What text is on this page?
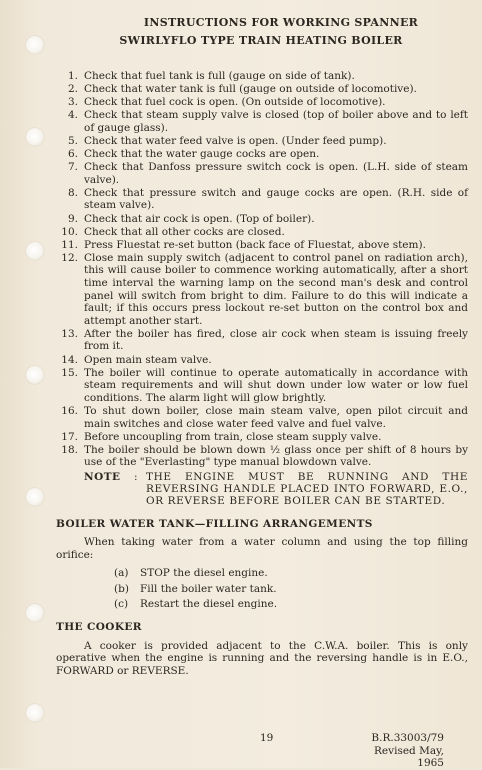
INSTRUCTIONS FOR WORKING SPANNER
SWIRLYFLO TYPE TRAIN HEATING BOILER
1. Check that fuel tank is full (gauge on side of tank).
2. Check that water tank is full (gauge on outside of locomotive).
3. Check that fuel cock is open. (On outside of locomotive).
4. Check that steam supply valve is closed (top of boiler above and to left of gauge glass).
5. Check that water feed valve is open. (Under feed pump).
6. Check that the water gauge cocks are open.
7. Check that Danfoss pressure switch cock is open. (L.H. side of steam valve).
8. Check that pressure switch and gauge cocks are open. (R.H. side of steam valve).
9. Check that air cock is open. (Top of boiler).
10. Check that all other cocks are closed.
11. Press Fluestat re-set button (back face of Fluestat, above stem).
12. Close main supply switch (adjacent to control panel on radiation arch), this will cause boiler to commence working automatically, after a short time interval the warning lamp on the second man's desk and control panel will switch from bright to dim. Failure to do this will indicate a fault; if this occurs press lockout re-set button on the control box and attempt another start.
13. After the boiler has fired, close air cock when steam is issuing freely from it.
14. Open main steam valve.
15. The boiler will continue to operate automatically in accordance with steam requirements and will shut down under low water or low fuel conditions. The alarm light will glow brightly.
16. To shut down boiler, close main steam valve, open pilot circuit and main switches and close water feed valve and fuel valve.
17. Before uncoupling from train, close steam supply valve.
18. The boiler should be blown down ½ glass once per shift of 8 hours by use of the "Everlasting" type manual blowdown valve.
NOTE	: THE ENGINE MUST BE RUNNING AND THE REVERSING HANDLE PLACED INTO FORWARD, E.O., OR REVERSE BEFORE BOILER CAN BE STARTED.
BOILER WATER TANK—FILLING ARRANGEMENTS

When taking water from a water column and using the top filling orifice:

(a)	STOP the diesel engine.
(b)	Fill the boiler water tank.
(c)	Restart the diesel engine.
THE COOKER

A cooker is provided adjacent to the C.W.A. boiler. This is only operative when the engine is running and the reversing handle is in E.O., FORWARD or REVERSE.

19	B.R.33003/79
Revised May, 1965
